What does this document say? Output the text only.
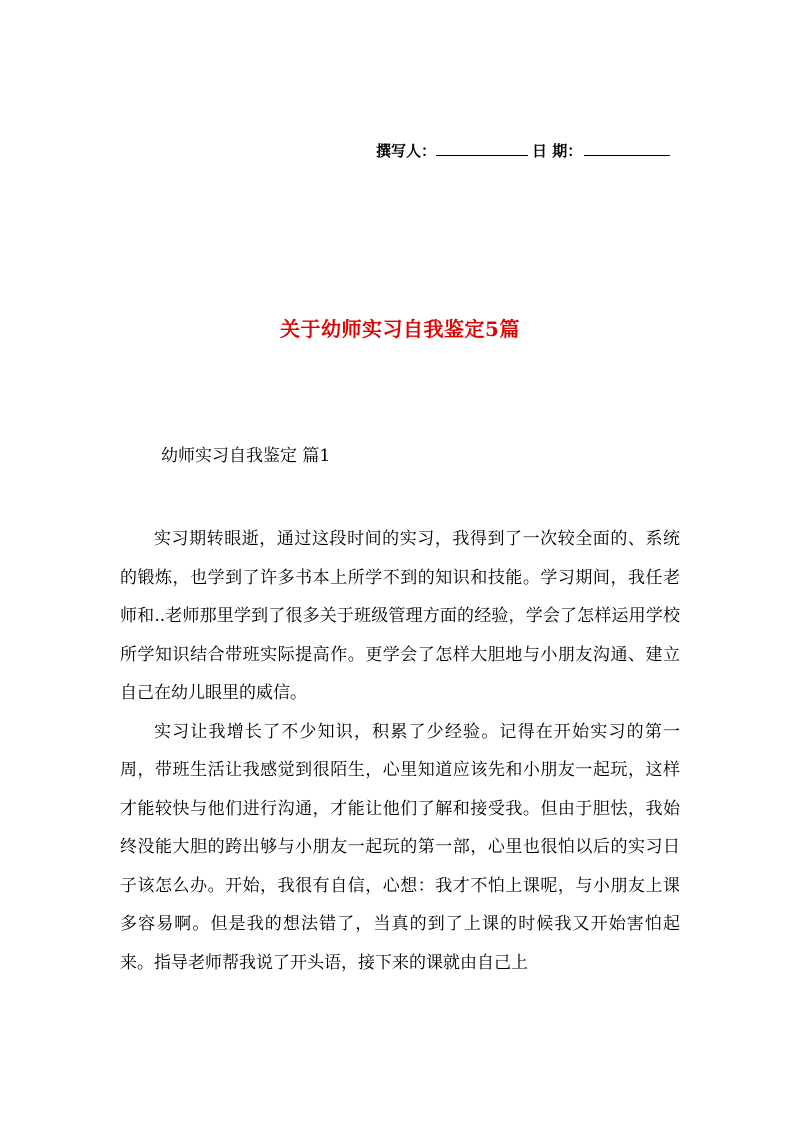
撰写人：	日 期：
关于幼师实习自我鉴定5篇
幼师实习自我鉴定 篇1

实习期转眼逝，通过这段时间的实习，我得到了一次较全面的、系统的锻炼，也学到了许多书本上所学不到的知识和技能。学习期间，我任老师和..老师那里学到了很多关于班级管理方面的经验，学会了怎样运用学校所学知识结合带班实际提高作。更学会了怎样大胆地与小朋友沟通、建立自己在幼儿眼里的威信。

实习让我增长了不少知识，积累了少经验。记得在开始实习的第一周，带班生活让我感觉到很陌生，心里知道应该先和小朋友一起玩，这样才能较快与他们进行沟通，才能让他们了解和接受我。但由于胆怯，我始终没能大胆的跨出够与小朋友一起玩的第一部，心里也很怕以后的实习日子该怎么办。开始，我很有自信，心想：我才不怕上课呢，与小朋友上课多容易啊。但是我的想法错了，当真的到了上课的时候我又开始害怕起来。指导老师帮我说了开头语，接下来的课就由自己上
